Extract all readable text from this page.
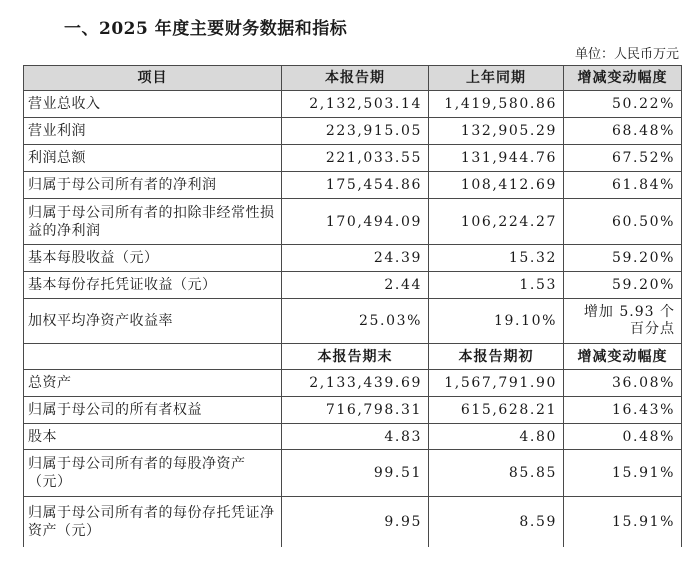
一、2025 年度主要财务数据和指标
单位：人民币万元
项目	本报告期	上年同期	增减变动幅度
营业总收入	2,132,503.14	1,419,580.86	50.22%
营业利润	223,915.05	132,905.29	68.48%
利润总额	221,033.55	131,944.76	67.52%
归属于母公司所有者的净利润	175,454.86	108,412.69	61.84%
归属于母公司所有者的扣除非经常性损益的净利润	170,494.09	106,224.27	60.50%
基本每股收益（元）	24.39	15.32	59.20%
基本每份存托凭证收益（元）	2.44	1.53	59.20%
加权平均净资产收益率	25.03%	19.10%	增加 5.93 个百分点
	本报告期末	本报告期初	增减变动幅度
总资产	2,133,439.69	1,567,791.90	36.08%
归属于母公司的所有者权益	716,798.31	615,628.21	16.43%
股本	4.83	4.80	0.48%
归属于母公司所有者的每股净资产（元）	99.51	85.85	15.91%
归属于母公司所有者的每份存托凭证净资产（元）	9.95	8.59	15.91%
